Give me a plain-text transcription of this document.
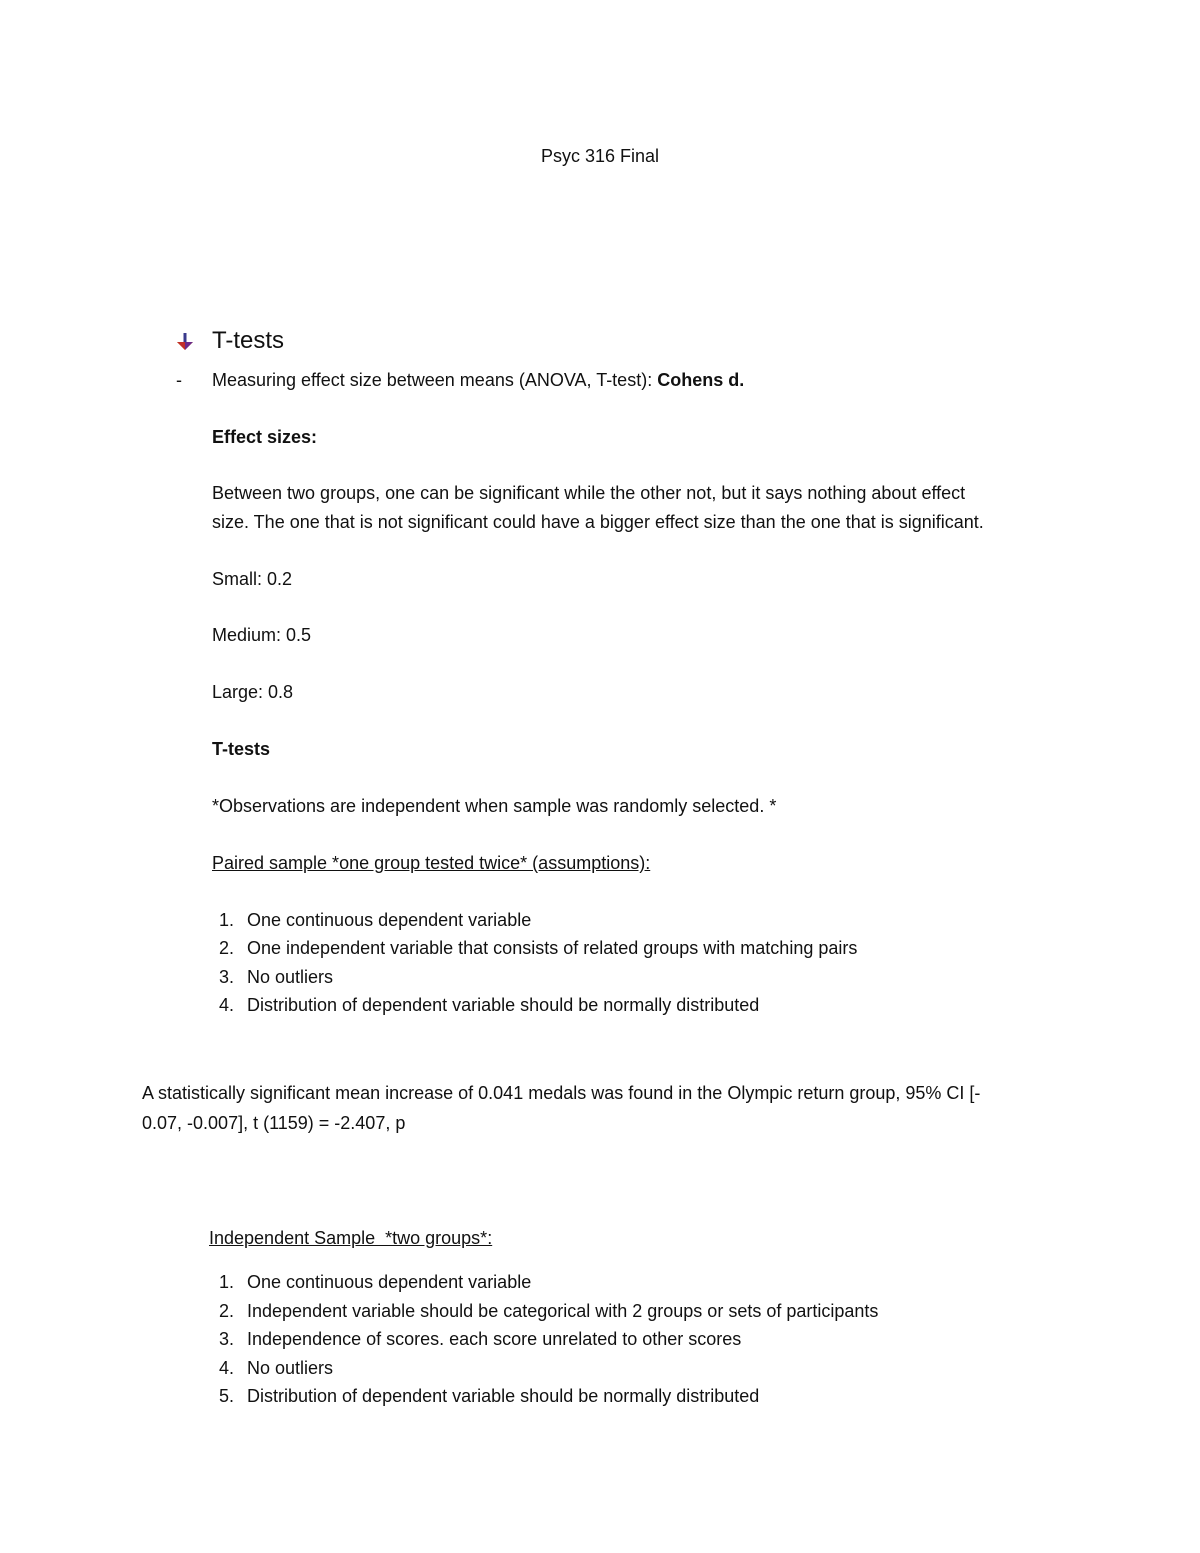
Psyc 316 Final
T-tests
- Measuring effect size between means (ANOVA, T-test): Cohens d.
Effect sizes:
Between two groups, one can be significant while the other not, but it says nothing about effect
size. The one that is not significant could have a bigger effect size than the one that is significant.
Small: 0.2
Medium: 0.5
Large: 0.8
T-tests
*Observations are independent when sample was randomly selected. *
Paired sample *one group tested twice* (assumptions):
1. One continuous dependent variable
2. One independent variable that consists of related groups with matching pairs
3. No outliers
4. Distribution of dependent variable should be normally distributed
A statistically significant mean increase of 0.041 medals was found in the Olympic return group, 95% CI [-
0.07, -0.007], t (1159) = -2.407, p
Independent Sample  *two groups*:
1. One continuous dependent variable
2. Independent variable should be categorical with 2 groups or sets of participants
3. Independence of scores. each score unrelated to other scores
4. No outliers
5. Distribution of dependent variable should be normally distributed
